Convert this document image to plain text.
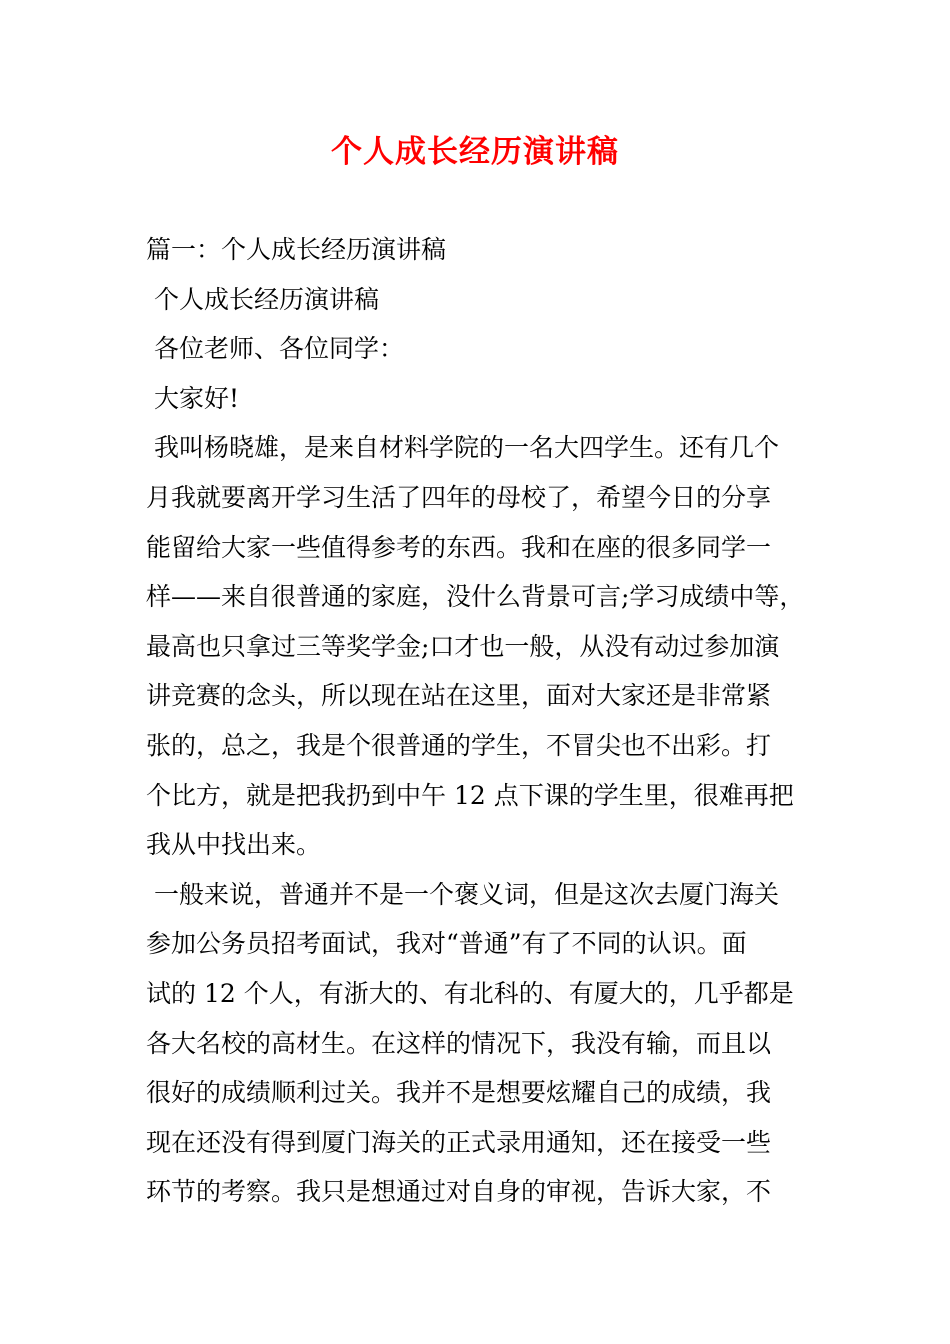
个人成长经历演讲稿
篇一：个人成长经历演讲稿
个人成长经历演讲稿
各位老师、各位同学：
大家好!
我叫杨晓雄，是来自材料学院的一名大四学生。还有几个
月我就要离开学习生活了四年的母校了，希望今日的分享
能留给大家一些值得参考的东西。我和在座的很多同学一
样——来自很普通的家庭，没什么背景可言;学习成绩中等，
最高也只拿过三等奖学金;口才也一般，从没有动过参加演
讲竞赛的念头，所以现在站在这里，面对大家还是非常紧
张的，总之，我是个很普通的学生，不冒尖也不出彩。打
个比方，就是把我扔到中午 12 点下课的学生里，很难再把
我从中找出来。
一般来说，普通并不是一个褒义词，但是这次去厦门海关
参加公务员招考面试，我对“普通”有了不同的认识。面
试的 12 个人，有浙大的、有北科的、有厦大的，几乎都是
各大名校的高材生。在这样的情况下，我没有输，而且以
很好的成绩顺利过关。我并不是想要炫耀自己的成绩，我
现在还没有得到厦门海关的正式录用通知，还在接受一些
环节的考察。我只是想通过对自身的审视，告诉大家，不
